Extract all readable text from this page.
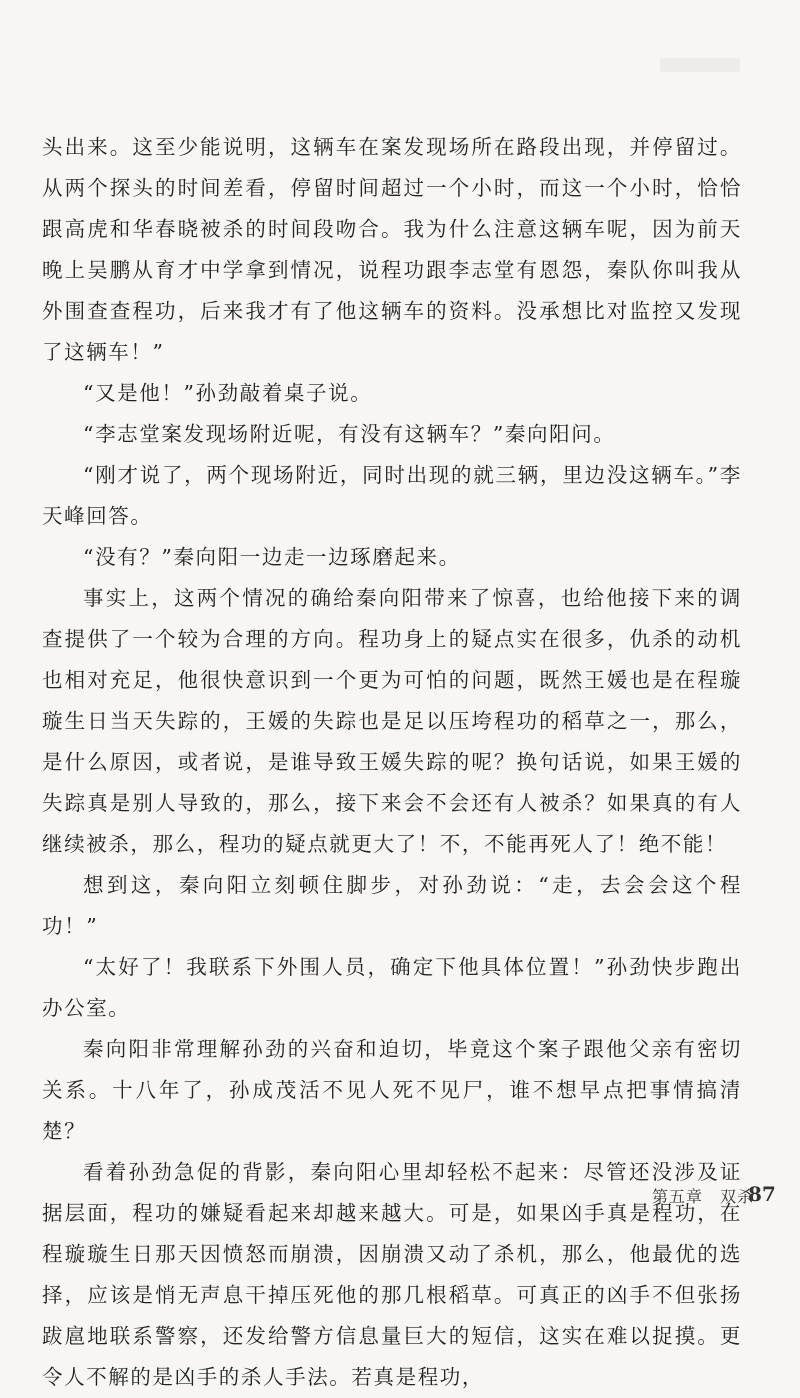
头出来。这至少能说明，这辆车在案发现场所在路段出现，并停留过。从两个探头的时间差看，停留时间超过一个小时，而这一个小时，恰恰跟高虎和华春晓被杀的时间段吻合。我为什么注意这辆车呢，因为前天晚上吴鹏从育才中学拿到情况，说程功跟李志堂有恩怨，秦队你叫我从外围查查程功，后来我才有了他这辆车的资料。没承想比对监控又发现了这辆车！”

“又是他！”孙劲敲着桌子说。

“李志堂案发现场附近呢，有没有这辆车？”秦向阳问。

“刚才说了，两个现场附近，同时出现的就三辆，里边没这辆车。”李天峰回答。

“没有？”秦向阳一边走一边琢磨起来。

事实上，这两个情况的确给秦向阳带来了惊喜，也给他接下来的调查提供了一个较为合理的方向。程功身上的疑点实在很多，仇杀的动机也相对充足，他很快意识到一个更为可怕的问题，既然王媛也是在程璇璇生日当天失踪的，王媛的失踪也是足以压垮程功的稻草之一，那么，是什么原因，或者说，是谁导致王媛失踪的呢？换句话说，如果王媛的失踪真是别人导致的，那么，接下来会不会还有人被杀？如果真的有人继续被杀，那么，程功的疑点就更大了！不，不能再死人了！绝不能！

想到这，秦向阳立刻顿住脚步，对孙劲说：“走，去会会这个程功！”

“太好了！我联系下外围人员，确定下他具体位置！”孙劲快步跑出办公室。

秦向阳非常理解孙劲的兴奋和迫切，毕竟这个案子跟他父亲有密切关系。十八年了，孙成茂活不见人死不见尸，谁不想早点把事情搞清楚？

看着孙劲急促的背影，秦向阳心里却轻松不起来：尽管还没涉及证据层面，程功的嫌疑看起来却越来越大。可是，如果凶手真是程功，在程璇璇生日那天因愤怒而崩溃，因崩溃又动了杀机，那么，他最优的选择，应该是悄无声息干掉压死他的那几根稻草。可真正的凶手不但张扬跋扈地联系警察，还发给警方信息量巨大的短信，这实在难以捉摸。更令人不解的是凶手的杀人手法。若真是程功，

第五章　双杀
87
